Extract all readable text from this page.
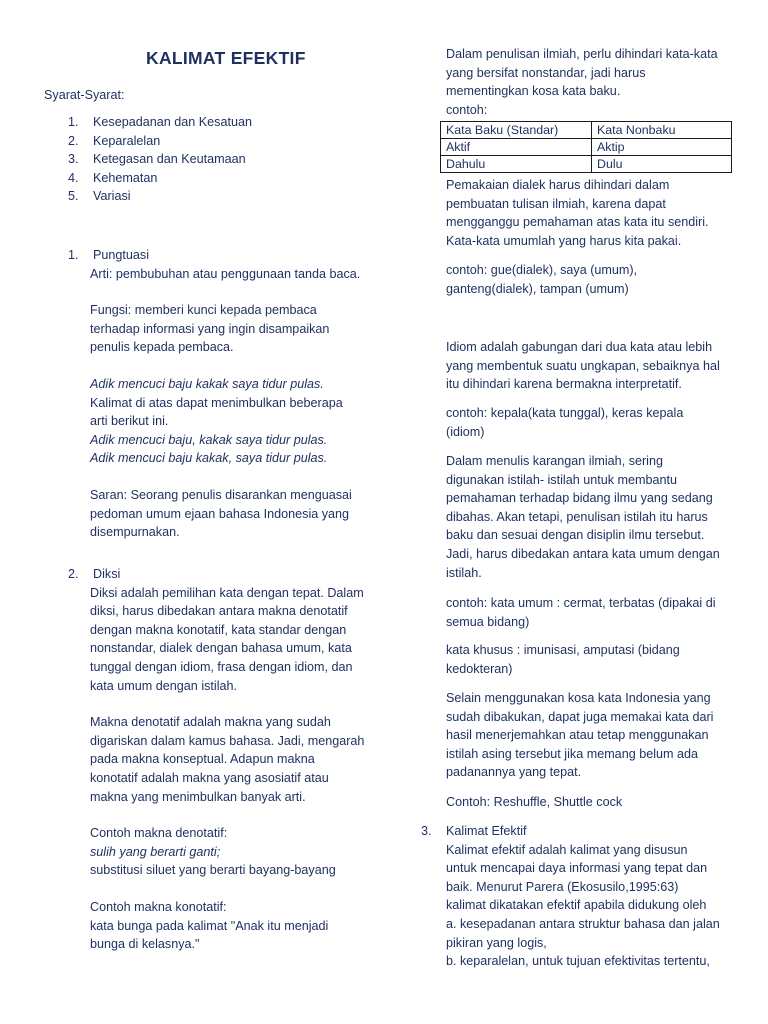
KALIMAT EFEKTIF
Syarat-Syarat:
1. Kesepadanan dan Kesatuan
2. Keparalelan
3. Ketegasan dan Keutamaan
4. Kehematan
5. Variasi
1. Pungtuasi

Arti: pembubuhan atau penggunaan tanda baca.

Fungsi: memberi kunci kepada pembaca

terhadap informasi yang ingin disampaikan

penulis kepada pembaca.

Adik mencuci baju kakak saya tidur pulas.

Kalimat di atas dapat menimbulkan beberapa

arti berikut ini.

Adik mencuci baju, kakak saya tidur pulas.

Adik mencuci baju kakak, saya tidur pulas.

Saran: Seorang penulis disarankan menguasai

pedoman umum ejaan bahasa Indonesia yang

disempurnakan.

2. Diksi

Diksi adalah pemilihan kata dengan tepat. Dalam

diksi, harus dibedakan antara makna denotatif

dengan makna konotatif, kata standar dengan

nonstandar, dialek dengan bahasa umum, kata

tunggal dengan idiom, frasa dengan idiom, dan

kata umum dengan istilah.

Makna denotatif adalah makna yang sudah

digariskan dalam kamus bahasa. Jadi, mengarah

pada makna konseptual. Adapun makna

konotatif adalah makna yang asosiatif atau

makna yang menimbulkan banyak arti.

Contoh makna denotatif:

sulih yang berarti ganti;

substitusi siluet yang berarti bayang-bayang

Contoh makna konotatif:

kata bunga pada kalimat "Anak itu menjadi

bunga di kelasnya."

Dalam penulisan ilmiah, perlu dihindari kata-kata

yang bersifat nonstandar, jadi harus

mementingkan kosa kata baku.

contoh:

Kata Baku (Standar)	Kata Nonbaku
Aktif	Aktip
Dahulu	Dulu

Pemakaian dialek harus dihindari dalam

pembuatan tulisan ilmiah, karena dapat

mengganggu pemahaman atas kata itu sendiri.

Kata-kata umumlah yang harus kita pakai.

contoh: gue(dialek), saya (umum),

ganteng(dialek), tampan (umum)

Idiom adalah gabungan dari dua kata atau lebih

yang membentuk suatu ungkapan, sebaiknya hal

itu dihindari karena bermakna interpretatif.

contoh: kepala(kata tunggal), keras kepala

(idiom)

Dalam menulis karangan ilmiah, sering

digunakan istilah- istilah untuk membantu

pemahaman terhadap bidang ilmu yang sedang

dibahas. Akan tetapi, penulisan istilah itu harus

baku dan sesuai dengan disiplin ilmu tersebut.

Jadi, harus dibedakan antara kata umum dengan

istilah.

contoh: kata umum : cermat, terbatas (dipakai di

semua bidang)

kata khusus : imunisasi, amputasi (bidang

kedokteran)

Selain menggunakan kosa kata Indonesia yang

sudah dibakukan, dapat juga memakai kata dari

hasil menerjemahkan atau tetap menggunakan

istilah asing tersebut jika memang belum ada

padanannya yang tepat.

Contoh: Reshuffle, Shuttle cock
3. Kalimat Efektif

Kalimat efektif adalah kalimat yang disusun

untuk mencapai daya informasi yang tepat dan

baik. Menurut Parera (Ekosusilo,1995:63)

kalimat dikatakan efektif apabila didukung oleh

a. kesepadanan antara struktur bahasa dan jalan

pikiran yang logis,

b. keparalelan, untuk tujuan efektivitas tertentu,
